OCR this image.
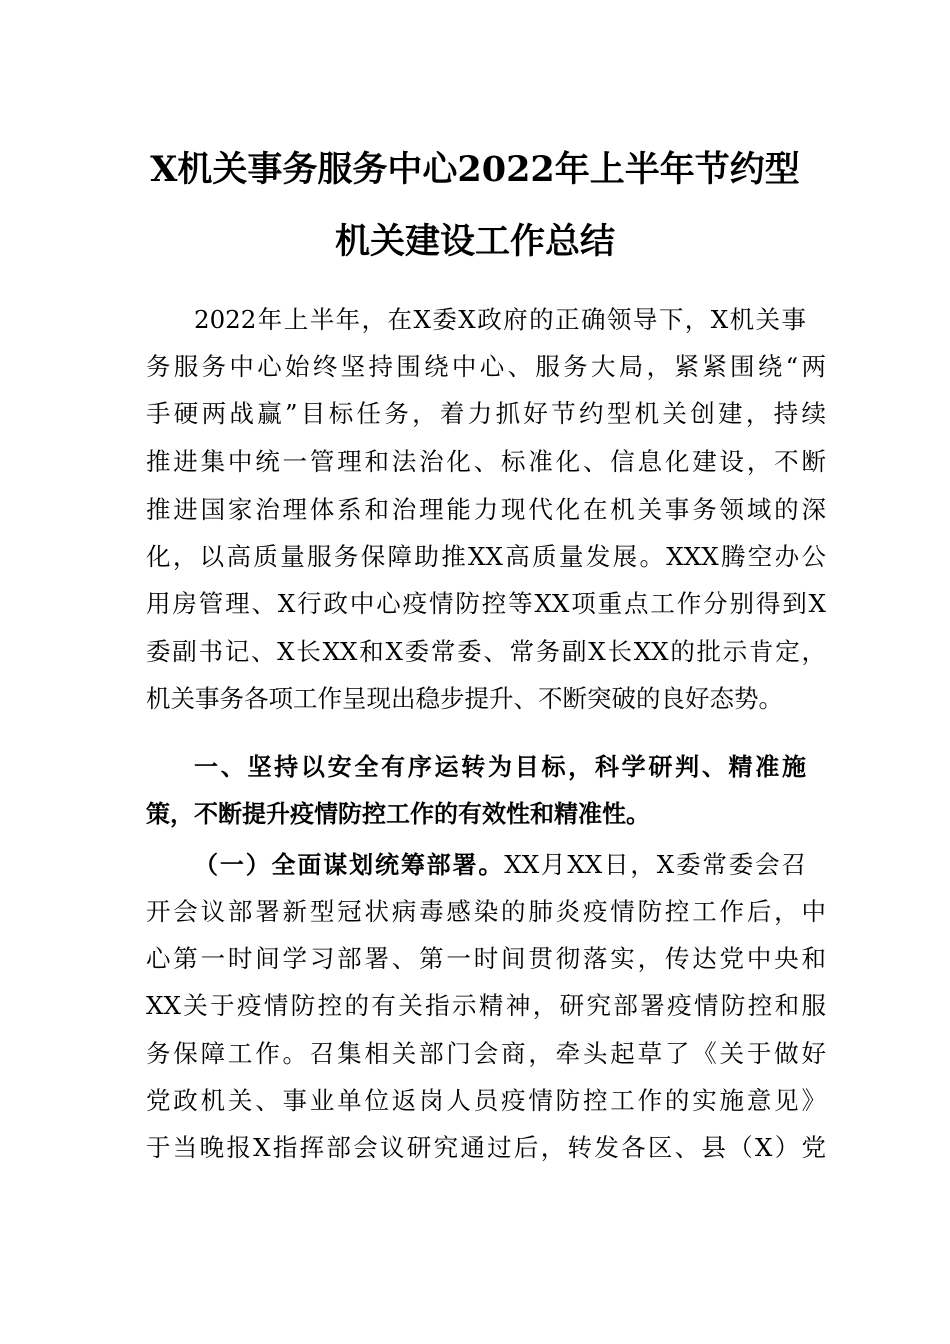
X机关事务服务中心2022年上半年节约型
机关建设工作总结
2022年上半年，在X委X政府的正确领导下，X机关事
务服务中心始终坚持围绕中心、服务大局，紧紧围绕“两
手硬两战赢”目标任务，着力抓好节约型机关创建，持续
推进集中统一管理和法治化、标准化、信息化建设，不断
推进国家治理体系和治理能力现代化在机关事务领域的深
化，以高质量服务保障助推XX高质量发展。XXX腾空办公
用房管理、X行政中心疫情防控等XX项重点工作分别得到X
委副书记、X长XX和X委常委、常务副X长XX的批示肯定，
机关事务各项工作呈现出稳步提升、不断突破的良好态势。
一、坚持以安全有序运转为目标，科学研判、精准施
策，不断提升疫情防控工作的有效性和精准性。
（一）全面谋划统筹部署。XX月XX日，X委常委会召
开会议部署新型冠状病毒感染的肺炎疫情防控工作后，中
心第一时间学习部署、第一时间贯彻落实，传达党中央和
XX关于疫情防控的有关指示精神，研究部署疫情防控和服
务保障工作。召集相关部门会商，牵头起草了《关于做好
党政机关、事业单位返岗人员疫情防控工作的实施意见》
于当晚报X指挥部会议研究通过后，转发各区、县（X）党
